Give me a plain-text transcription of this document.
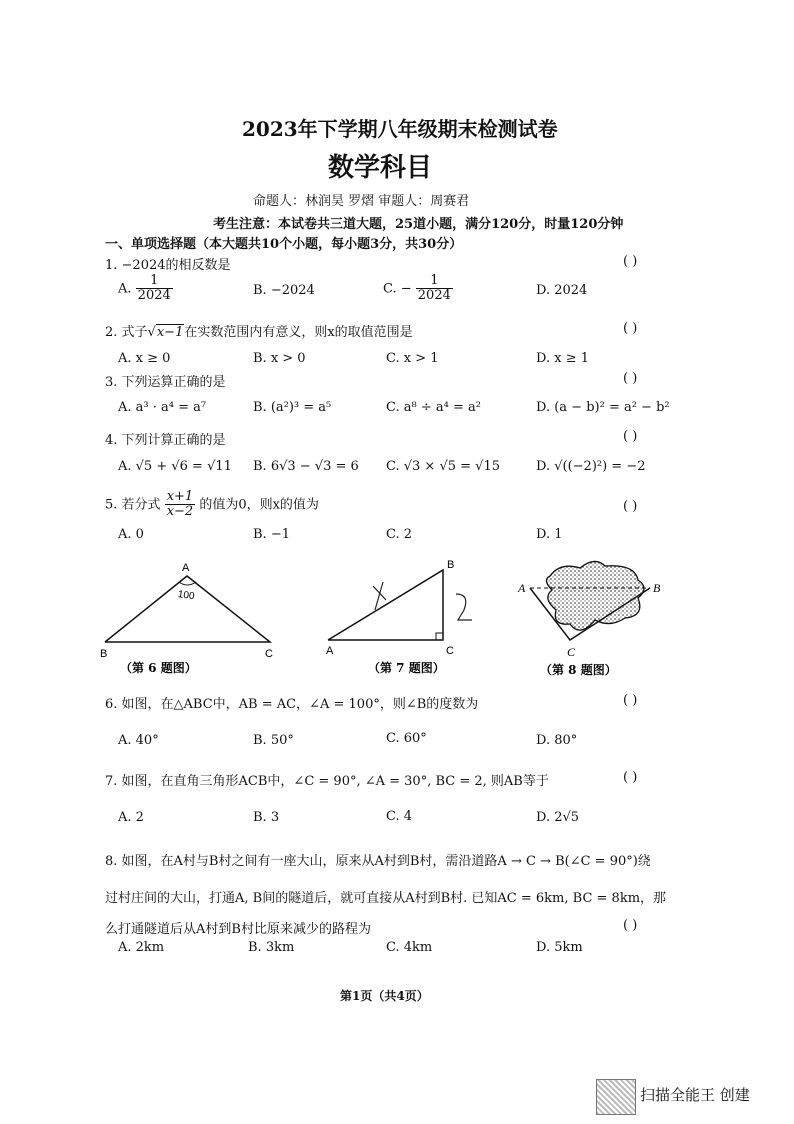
2023年下学期八年级期末检测试卷
数学科目
命题人：林润昊 罗熠 审题人：周赛君
考生注意：本试卷共三道大题，25道小题，满分120分，时量120分钟
一、单项选择题（本大题共10个小题，每小题3分，共30分）
1. −2024的相反数是	( )
A. $\frac{1}{2024}$	B. −2024	C. − $\frac{1}{2024}$	D. 2024
2. 式子√x−1在实数范围内有意义，则x的取值范围是	( )
A. x ≥ 0	B. x > 0	C. x > 1	D. x ≥ 1
3. 下列运算正确的是	( )
A. a³ · a⁴ = a⁷	B. (a²)³ = a⁵	C. a⁸ ÷ a⁴ = a²	D. (a − b)² = a² − b²
4. 下列计算正确的是	( )
A. √5 + √6 = √11 B. 6√3 − √3 = 6 C. √3 × √5 = √15	D. √((−2)²) = −2
5. 若分式 $\frac{x+1}{x-2}$ 的值为0，则x的值为	( )
A. 0	B. −1	C. 2	D. 1
A
B	C
100
A
B
C
A	B
C
（第 6 题图）	（第 7 题图）	（第 8 题图）
6. 如图，在△ABC中，AB = AC，∠A = 100°，则∠B的度数为	( )
A. 40°	B. 50°	C. 60°	D. 80°
7. 如图，在直角三角形ACB中，∠C = 90°, ∠A = 30°, BC = 2, 则AB等于	( )
A. 2	B. 3	C. 4	D. 2√5
8. 如图，在A村与B村之间有一座大山，原来从A村到B村，需沿道路A → C → B(∠C = 90°)绕
过村庄间的大山，打通A, B间的隧道后，就可直接从A村到B村. 已知AC = 6km, BC = 8km，那
么打通隧道后从A村到B村比原来减少的路程为	( )
A. 2km	B. 3km	C. 4km	D. 5km
第1页（共4页）
扫描全能王 创建
